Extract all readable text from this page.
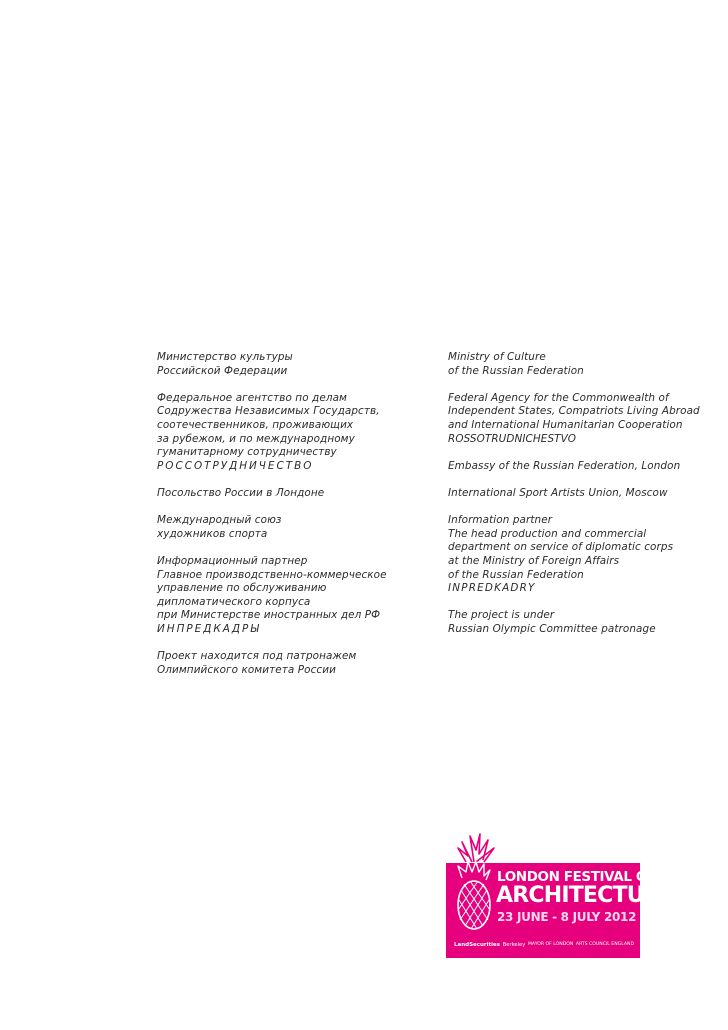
Министерство культуры
Российской Федерации
Федеральное агентство по делам
Содружества Независимых Государств,
соотечественников, проживающих
за рубежом, и по международному
гуманитарному сотрудничеству
РОССОТРУДНИЧЕСТВО
Посольство России в Лондоне
Международный союз
художников спорта
Информационный партнер
Главное производственно-коммерческое
управление по обслуживанию
дипломатического корпуса
при Министерстве иностранных дел РФ
ИНПРЕДКАДРЫ
Проект находится под патронажем
Олимпийского комитета России
Ministry of Culture
of the Russian Federation
Federal Agency for the Commonwealth of
Independent States, Compatriots Living Abroad
and International Humanitarian Cooperation
ROSSOTRUDNICHESTVO
Embassy of the Russian Federation, London
International Sport Artists Union, Moscow
Information partner
The head production and commercial
department on service of diplomatic corps
at the Ministry of Foreign Affairs
of the Russian Federation
INPREDKADRY
The project is under
Russian Olympic Committee patronage
LONDON FESTIVAL OF
ARCHITECTURE
23 JUNE - 8 JULY 2012
LandSecurities Berkeley MAYOR OF LONDON ARTS COUNCIL ENGLAND
